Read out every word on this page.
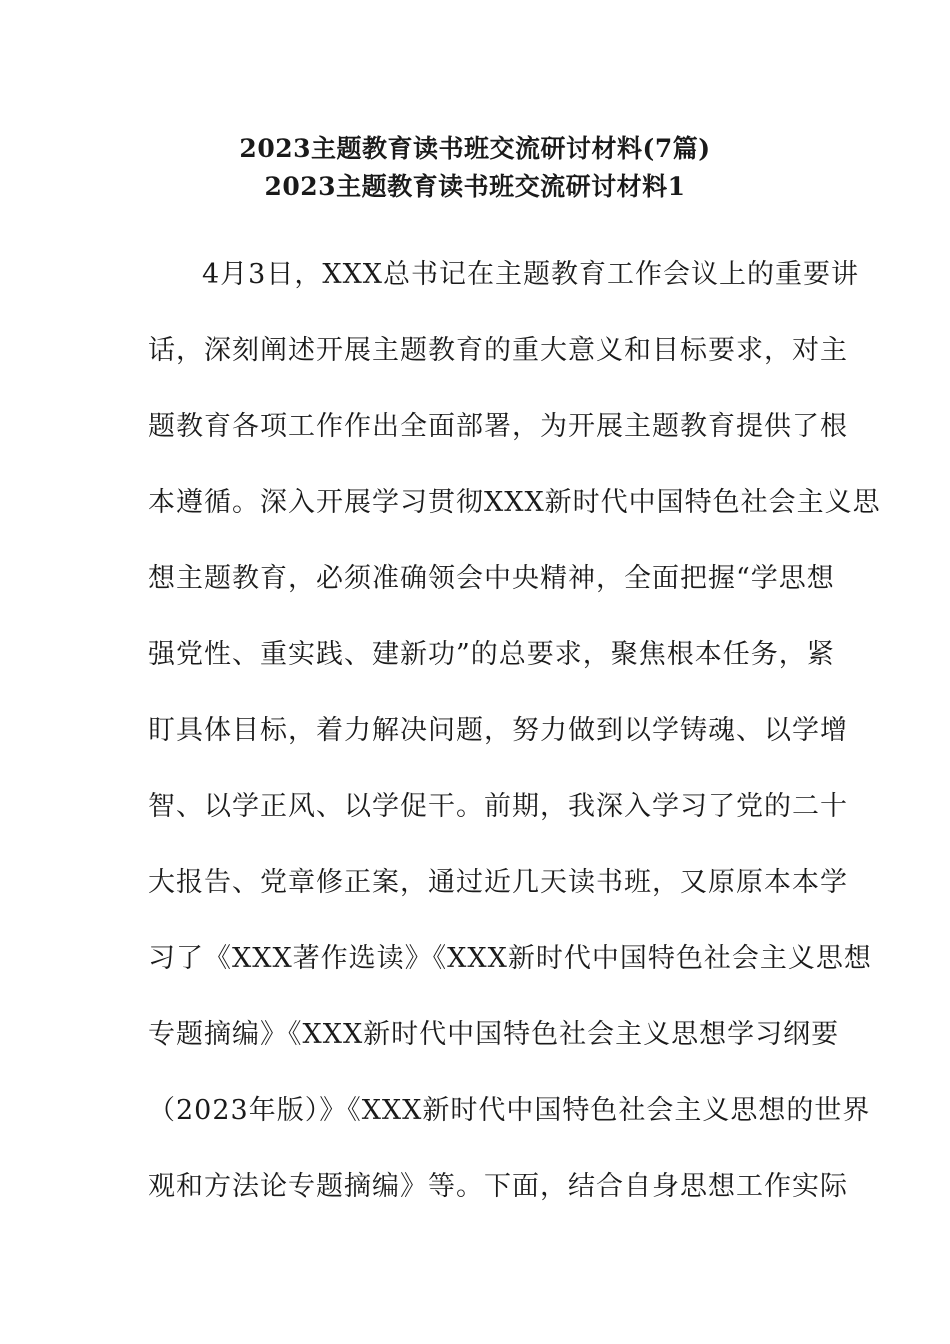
2023主题教育读书班交流研讨材料(7篇)
2023主题教育读书班交流研讨材料1
4月3日，XXX总书记在主题教育工作会议上的重要讲
话，深刻阐述开展主题教育的重大意义和目标要求，对主
题教育各项工作作出全面部署，为开展主题教育提供了根
本遵循。深入开展学习贯彻XXX新时代中国特色社会主义思
想主题教育，必须准确领会中央精神，全面把握“学思想
强党性、重实践、建新功”的总要求，聚焦根本任务，紧
盯具体目标，着力解决问题，努力做到以学铸魂、以学增
智、以学正风、以学促干。前期，我深入学习了党的二十
大报告、党章修正案，通过近几天读书班，又原原本本学
习了《XXX著作选读》《XXX新时代中国特色社会主义思想
专题摘编》《XXX新时代中国特色社会主义思想学习纲要
（2023年版）》《XXX新时代中国特色社会主义思想的世界
观和方法论专题摘编》等。下面，结合自身思想工作实际
